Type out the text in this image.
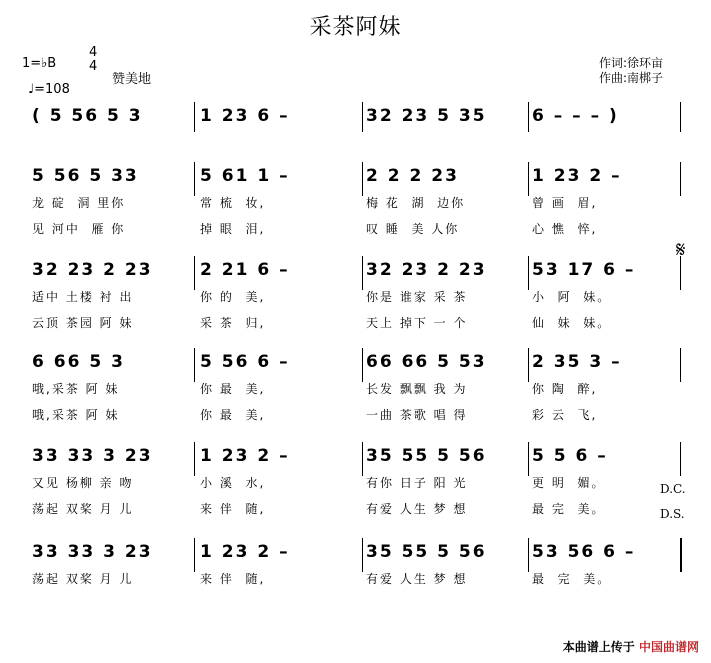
采茶阿妹
1=♭B
4
4
赞美地
♩=108
作词:徐环亩
作曲:南梆子
( 5 56 5 3	1 23 6 –	32 23 5 35	6 – – – )
5 56 5 33	5 61 1 –	2 2 2 23	1 23 2 –
龙 碇  洞 里你	常 梳  妆,	梅 花  湖  边你	曾 画  眉,
见 河中  雁 你	掉 眼  泪,	叹 睡  美 人你	心 憔  悴,
32 23 2 23	2 21 6 –	32 23 2 23	53 17 6 –
适中 土楼 衬 出	你 的  美,	你是 谁家 采 茶	小  阿  妹。
云顶 茶园 阿 妹	采 茶  归,	天上 掉下 一 个	仙  妹  妹。
6 66 5 3	5 56 6 –	66 66 5 53	2 35 3 –
哦,采茶 阿 妹	你 最  美,	长发 飘飘 我 为	你 陶  醉,
哦,采茶 阿 妹	你 最  美,	一曲 茶歌 唱 得	彩 云  飞,
33 33 3 23	1 23 2 –	35 55 5 56	5 5 6 –
又见 杨柳 亲 吻	小 溪  水,	有你 日子 阳 光	更 明  媚。
荡起 双桨 月 儿	来 伴  随,	有爱 人生 梦 想	最 完  美。
33 33 3 23	1 23 2 –	35 55 5 56	53 56 6 –
荡起 双桨 月 儿	来 伴  随,	有爱 人生 梦 想	最  完  美。
D.C.
D.S.
𝄋
本曲谱上传于 中国曲谱网
